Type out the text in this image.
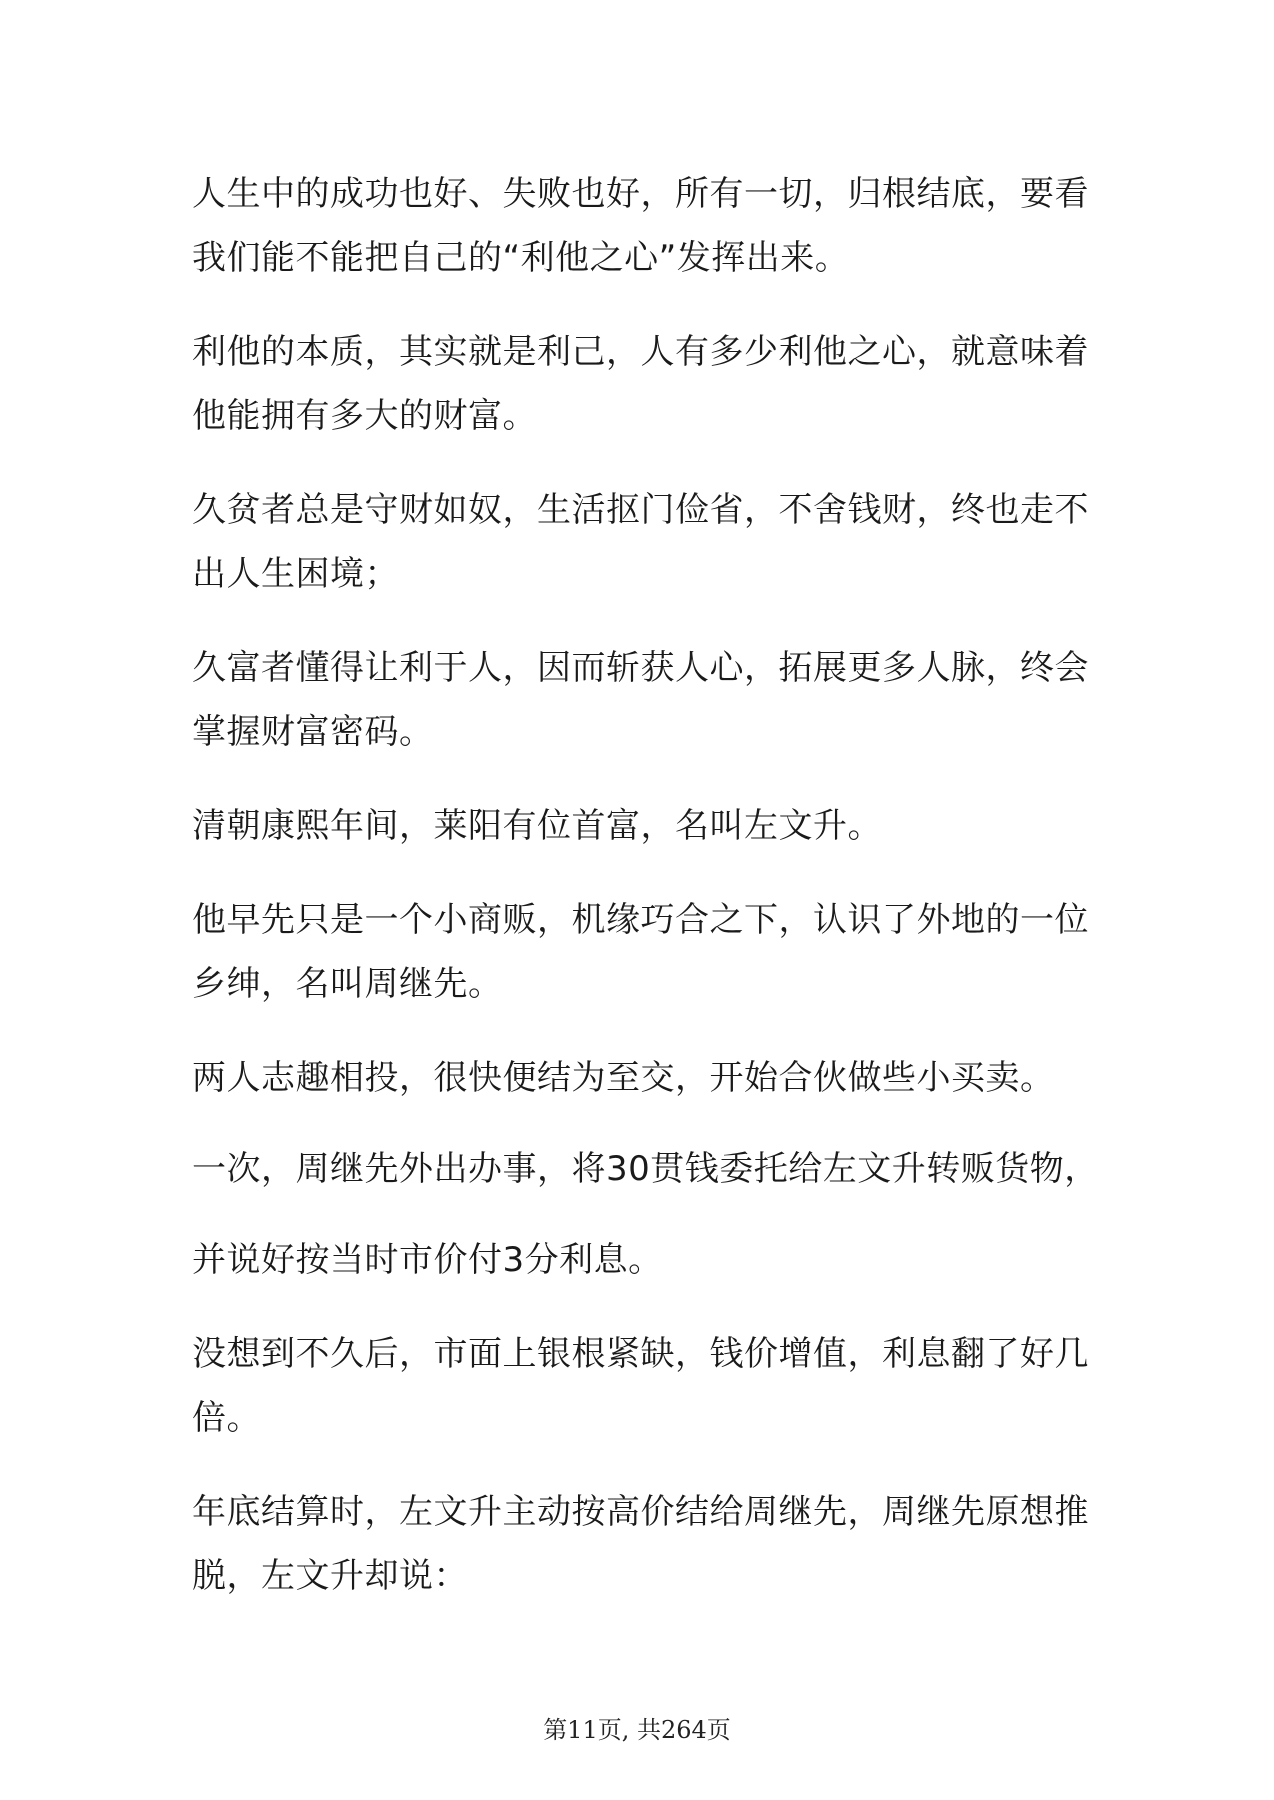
人生中的成功也好、失败也好，所有一切，归根结底，要看
我们能不能把自己的“利他之心”发挥出来。

利他的本质，其实就是利己，人有多少利他之心，就意味着
他能拥有多大的财富。

久贫者总是守财如奴，生活抠门俭省，不舍钱财，终也走不
出人生困境；

久富者懂得让利于人，因而斩获人心，拓展更多人脉，终会
掌握财富密码。

清朝康熙年间，莱阳有位首富，名叫左文升。

他早先只是一个小商贩，机缘巧合之下，认识了外地的一位
乡绅，名叫周继先。

两人志趣相投，很快便结为至交，开始合伙做些小买卖。

一次，周继先外出办事，将30贯钱委托给左文升转贩货物，

并说好按当时市价付3分利息。

没想到不久后，市面上银根紧缺，钱价增值，利息翻了好几
倍。

年底结算时，左文升主动按高价结给周继先，周继先原想推
脱，左文升却说：

第11页, 共264页
